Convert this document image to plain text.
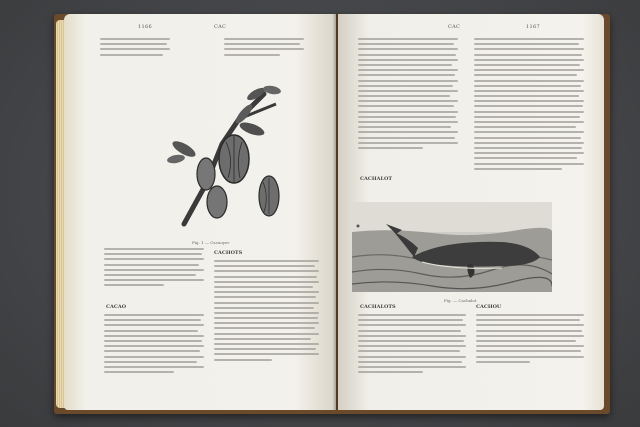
1166	CAC
Fig. 1 — Cacaoyer
CACAO
CACHOTS
CAC	1167
CACHALOT
Fig. — Cachalot
CACHALOTS	CACHOU
